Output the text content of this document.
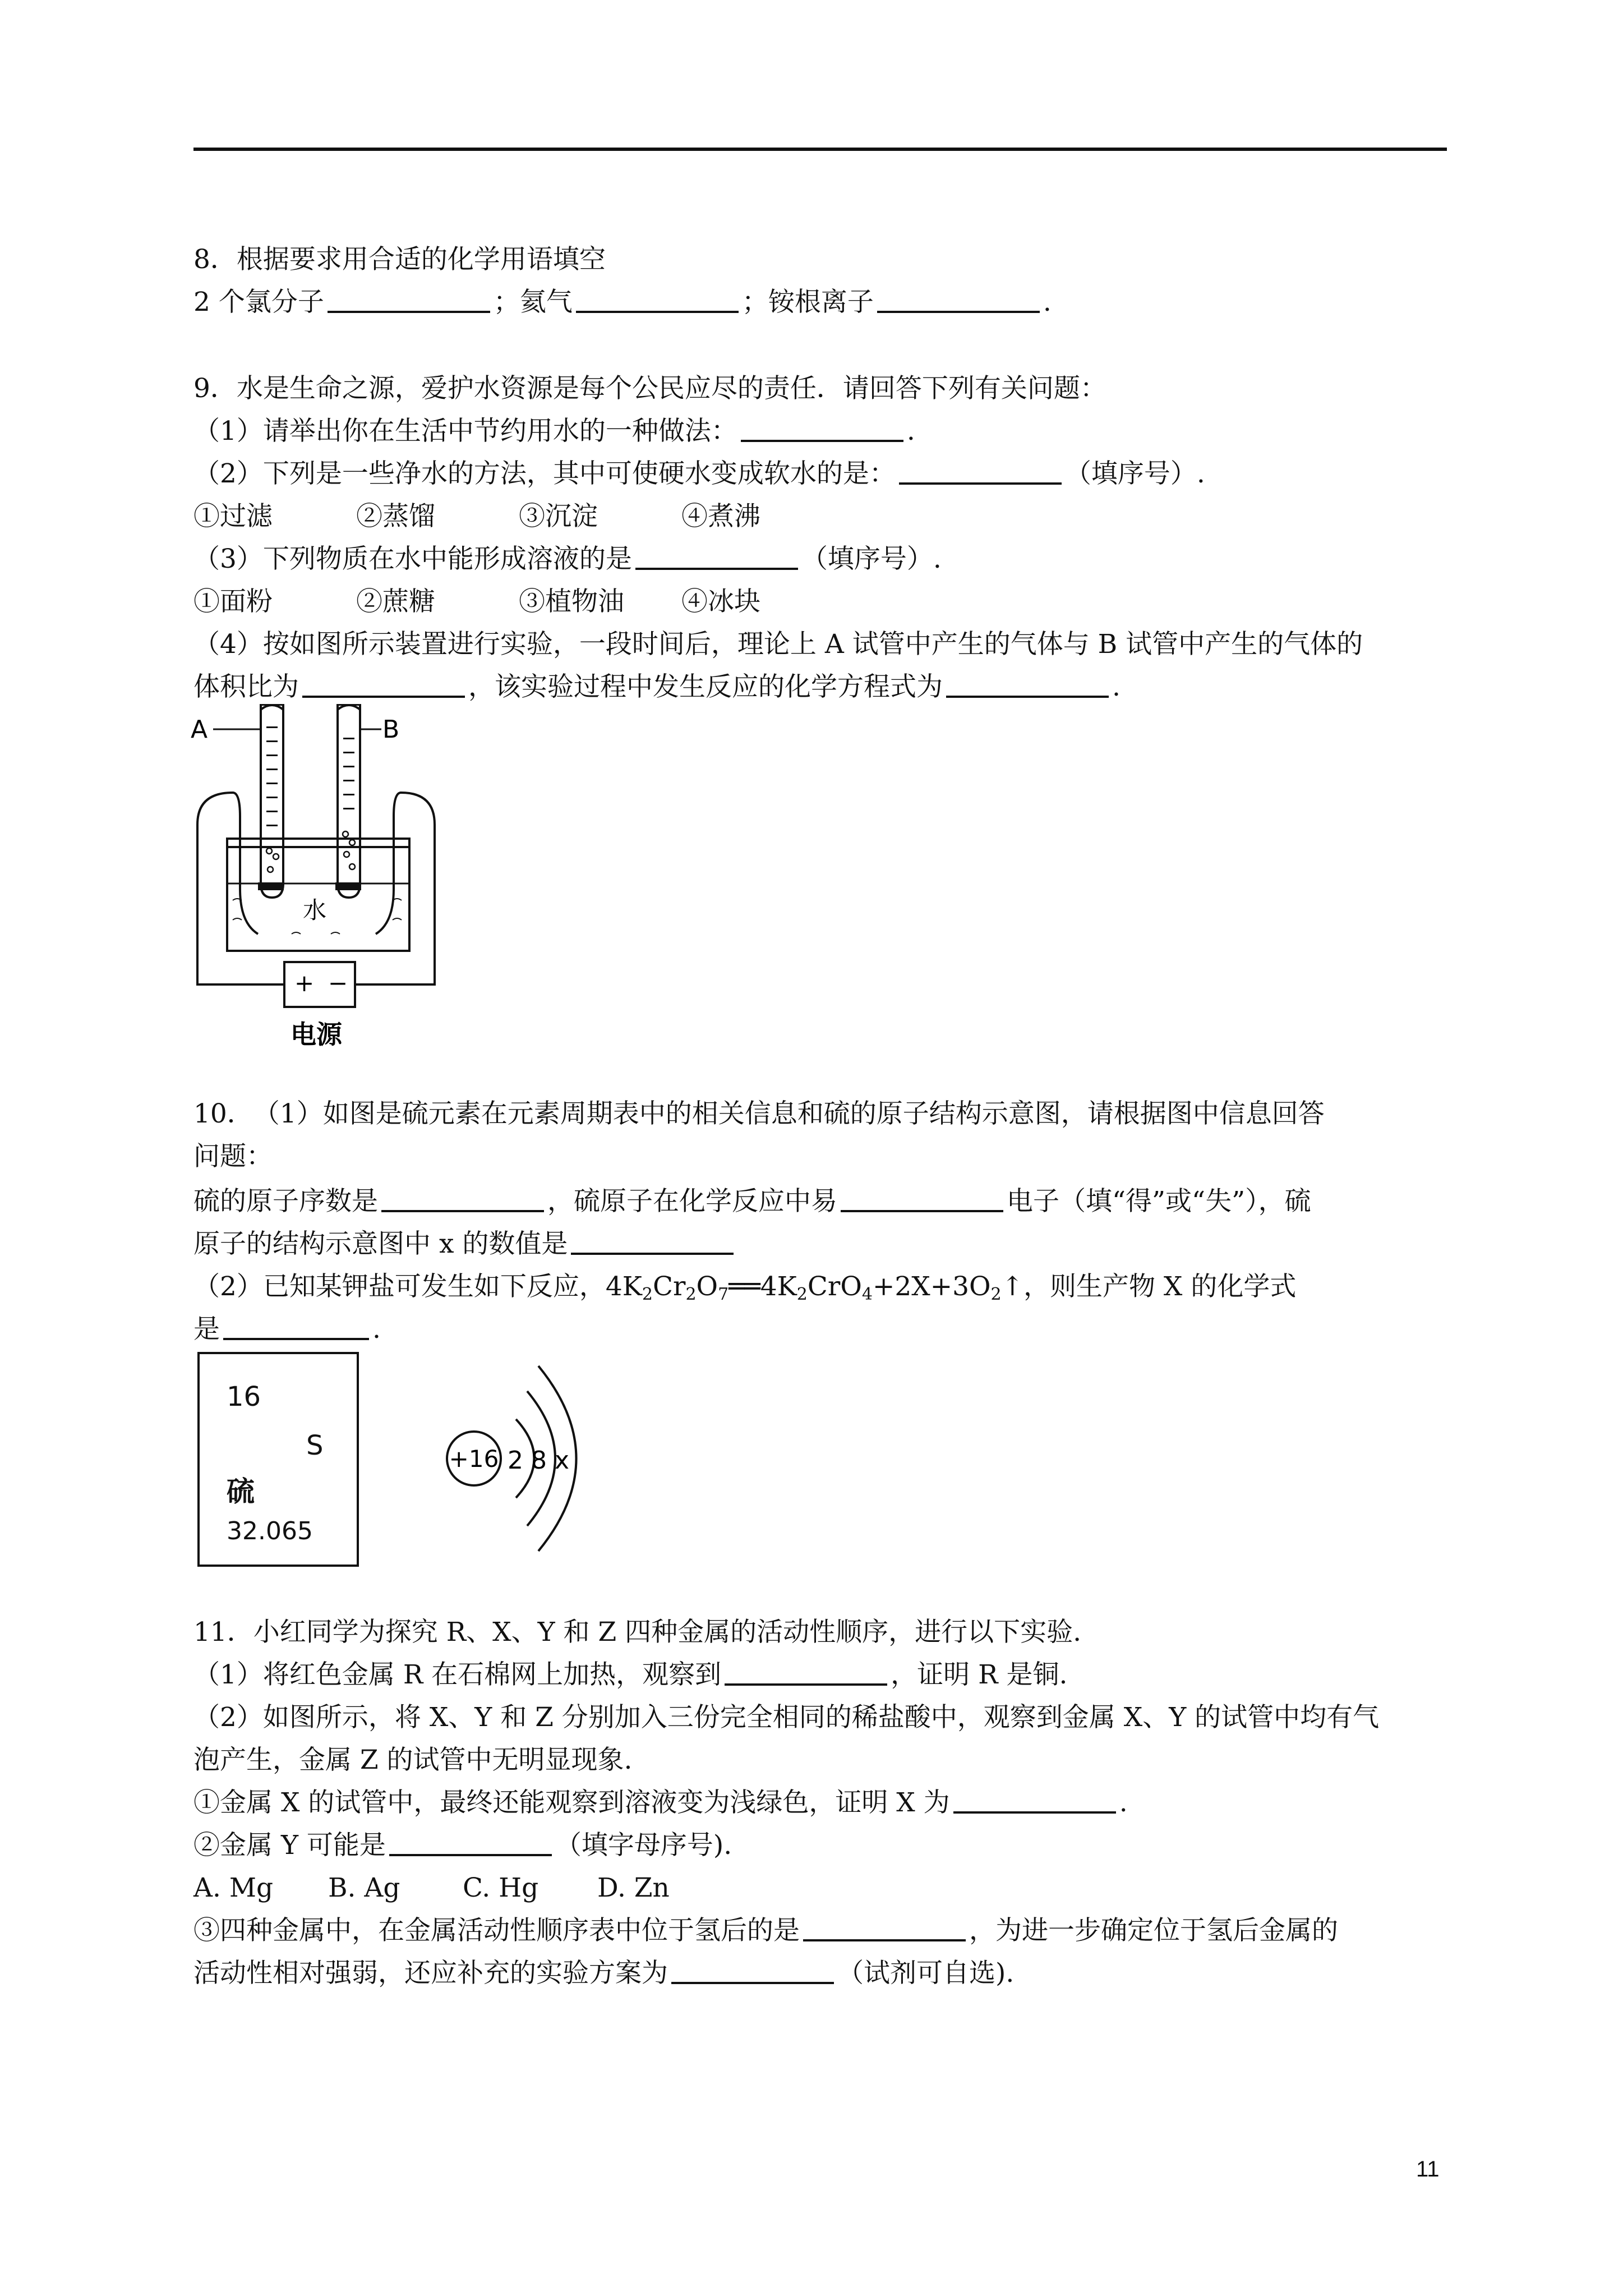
8．根据要求用合适的化学用语填空
2 个氯分子	；氦气	；铵根离子	.
9．水是生命之源，爱护水资源是每个公民应尽的责任．请回答下列有关问题：
（1）请举出你在生活中节约用水的一种做法：	.
（2）下列是一些净水的方法，其中可使硬水变成软水的是：	（填序号）.
①过滤	②蒸馏	③沉淀	④煮沸
（3）下列物质在水中能形成溶液的是	（填序号）.
①面粉	②蔗糖	③植物油 ④冰块
（4）按如图所示装置进行实验，一段时间后，理论上 A 试管中产生的气体与 B 试管中产生的气体的
体积比为	，该实验过程中发生反应的化学方程式为	.
A	B
水
+ −
电源
10．　（1）如图是硫元素在元素周期表中的相关信息和硫的原子结构示意图，请根据图中信息回答
问题：
硫的原子序数是	，硫原子在化学反应中易	电子（填“得”或“失”），硫
原子的结构示意图中 x 的数值是
（2）已知某钾盐可发生如下反应，$4K_2Cr_2O_7══4K_2CrO_4+2X+3O_2↑$，则生产物 X 的化学式
是	.
16
S
硫
32.065
+16 2 8 x
11．小红同学为探究 R、X、Y 和 Z 四种金属的活动性顺序，进行以下实验.
（1）将红色金属 R 在石棉网上加热，观察到	，证明 R 是铜.
（2）如图所示，将 X、Y 和 Z 分别加入三份完全相同的稀盐酸中，观察到金属 X、Y 的试管中均有气
泡产生，金属 Z 的试管中无明显现象.
①金属 X 的试管中，最终还能观察到溶液变为浅绿色，证明 X 为	.
②金属 Y 可能是	（填字母序号).
A. Mg B. Ag C. Hg D. Zn
③四种金属中，在金属活动性顺序表中位于氢后的是	，为进一步确定位于氢后金属的
活动性相对强弱，还应补充的实验方案为	（试剂可自选).
11
